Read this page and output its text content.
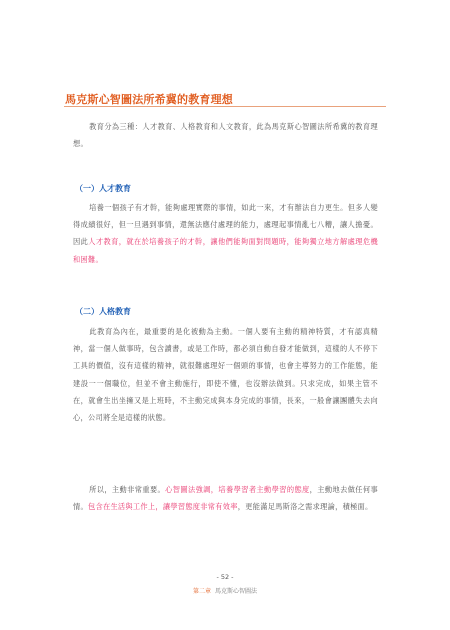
馬克斯心智圖法所希冀的教育理想

教育分為三種：人才教育、人格教育和人文教育，此為馬克斯心智圖法所希冀的教育理想。

（一）人才教育

培養一個孩子有才幹，能夠處理實際的事情，如此一來，才有辦法自力更生。但多人變得成績很好，但一旦遇到事情，還無法應付處理的能力，處理起事情亂七八糟，讓人擔憂。因此人才教育，就在於培養孩子的才幹，讓他們能夠面對問題時，能夠獨立地方解處理危機和困難。

（二）人格教育

此教育為內在，最重要的是化被動為主動。一個人要有主動的精神特質，才有認真精神，當一個人做事時，包含讀書，或是工作時，都必須自動自發才能做到，這樣的人不停下工具的價值，沒有這樣的精神，就很難處理好一個頭的事情，也會主導努力的工作能態，能建設一一個職位，但並不會主動施行，即使不懂，也沒辦法做到。只求完成，如果主管不在，就會生出坐擁又是上班時，不主動完成與本身完成的事情，長來，一般會讓團體失去向心，公司將全是這樣的狀態。

所以，主動非常重要。心智圖法強調，培養學習者主動學習的態度，主動地去做任何事情。包含在生活與工作上，讓學習態度非常有效率，更能滿足馬斯洛之需求理論，積極面。

- 52 -
第二章 馬克斯心智圖法
